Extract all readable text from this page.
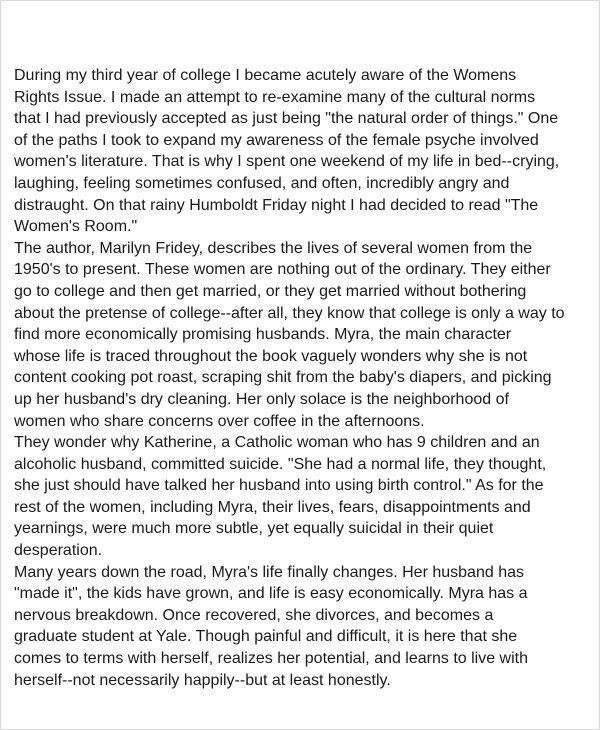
During my third year of college I became acutely aware of the Womens
Rights Issue. I made an attempt to re-examine many of the cultural norms
that I had previously accepted as just being "the natural order of things." One
of the paths I took to expand my awareness of the female psyche involved
women's literature. That is why I spent one weekend of my life in bed--crying,
laughing, feeling sometimes confused, and often, incredibly angry and
distraught. On that rainy Humboldt Friday night I had decided to read "The
Women's Room."

The author, Marilyn Fridey, describes the lives of several women from the
1950's to present. These women are nothing out of the ordinary. They either
go to college and then get married, or they get married without bothering
about the pretense of college--after all, they know that college is only a way to
find more economically promising husbands. Myra, the main character
whose life is traced throughout the book vaguely wonders why she is not
content cooking pot roast, scraping shit from the baby's diapers, and picking
up her husband's dry cleaning. Her only solace is the neighborhood of
women who share concerns over coffee in the afternoons.

They wonder why Katherine, a Catholic woman who has 9 children and an
alcoholic husband, committed suicide. "She had a normal life, they thought,
she just should have talked her husband into using birth control." As for the
rest of the women, including Myra, their lives, fears, disappointments and
yearnings, were much more subtle, yet equally suicidal in their quiet
desperation.

Many years down the road, Myra's life finally changes. Her husband has
"made it", the kids have grown, and life is easy economically. Myra has a
nervous breakdown. Once recovered, she divorces, and becomes a
graduate student at Yale. Though painful and difficult, it is here that she
comes to terms with herself, realizes her potential, and learns to live with
herself--not necessarily happily--but at least honestly.
